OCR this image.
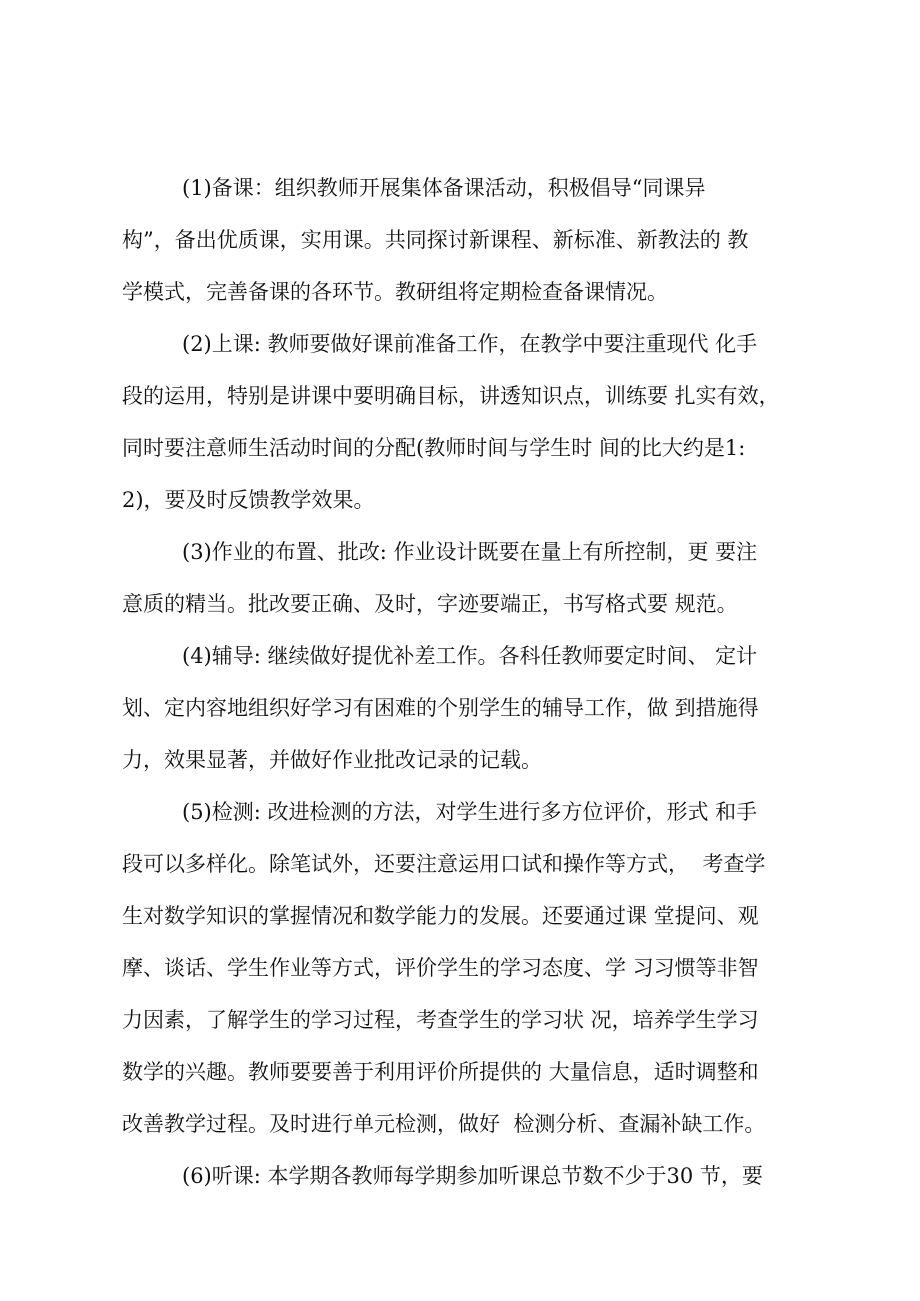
(1)备课：组织教师开展集体备课活动，积极倡导“同课异
构”，备出优质课，实用课。共同探讨新课程、新标准、新教法的 教
学模式，完善备课的各环节。教研组将定期检查备课情况。
(2)上课: 教师要做好课前准备工作，在教学中要注重现代 化手
段的运用，特别是讲课中要明确目标，讲透知识点，训练要 扎实有效，
同时要注意师生活动时间的分配(教师时间与学生时 间的比大约是1:
2)，要及时反馈教学效果。
(3)作业的布置、批改: 作业设计既要在量上有所控制，更 要注
意质的精当。批改要正确、及时，字迹要端正，书写格式要 规范。
(4)辅导: 继续做好提优补差工作。各科任教师要定时间、 定计
划、定内容地组织好学习有困难的个别学生的辅导工作，做 到措施得
力，效果显著，并做好作业批改记录的记载。
(5)检测: 改进检测的方法，对学生进行多方位评价，形式 和手
段可以多样化。除笔试外，还要注意运用口试和操作等方式，  考查学
生对数学知识的掌握情况和数学能力的发展。还要通过课 堂提问、观
摩、谈话、学生作业等方式，评价学生的学习态度、学 习习惯等非智
力因素，了解学生的学习过程，考查学生的学习状 况，培养学生学习
数学的兴趣。教师要要善于利用评价所提供的 大量信息，适时调整和
改善教学过程。及时进行单元检测，做好  检测分析、查漏补缺工作。
(6)听课: 本学期各教师每学期参加听课总节数不少于30 节，要
